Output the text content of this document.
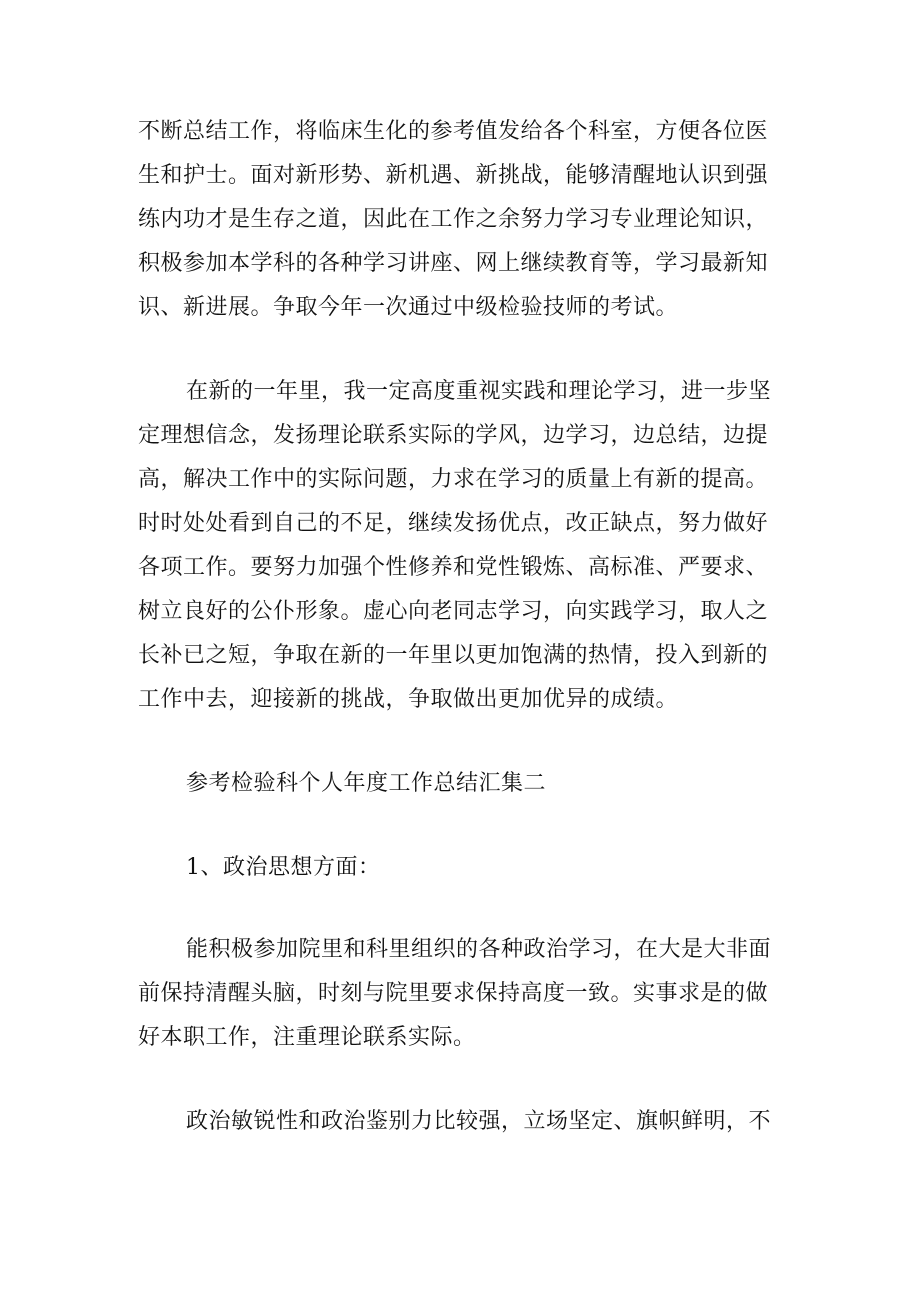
不断总结工作，将临床生化的参考值发给各个科室，方便各位医
生和护士。面对新形势、新机遇、新挑战，能够清醒地认识到强
练内功才是生存之道，因此在工作之余努力学习专业理论知识，
积极参加本学科的各种学习讲座、网上继续教育等，学习最新知
识、新进展。争取今年一次通过中级检验技师的考试。
在新的一年里，我一定高度重视实践和理论学习，进一步坚
定理想信念，发扬理论联系实际的学风，边学习，边总结，边提
高，解决工作中的实际问题，力求在学习的质量上有新的提高。
时时处处看到自己的不足，继续发扬优点，改正缺点，努力做好
各项工作。要努力加强个性修养和党性锻炼、高标准、严要求、
树立良好的公仆形象。虚心向老同志学习，向实践学习，取人之
长补已之短，争取在新的一年里以更加饱满的热情，投入到新的
工作中去，迎接新的挑战，争取做出更加优异的成绩。
参考检验科个人年度工作总结汇集二
1、政治思想方面：
能积极参加院里和科里组织的各种政治学习，在大是大非面
前保持清醒头脑，时刻与院里要求保持高度一致。实事求是的做
好本职工作，注重理论联系实际。
政治敏锐性和政治鉴别力比较强，立场坚定、旗帜鲜明，不
